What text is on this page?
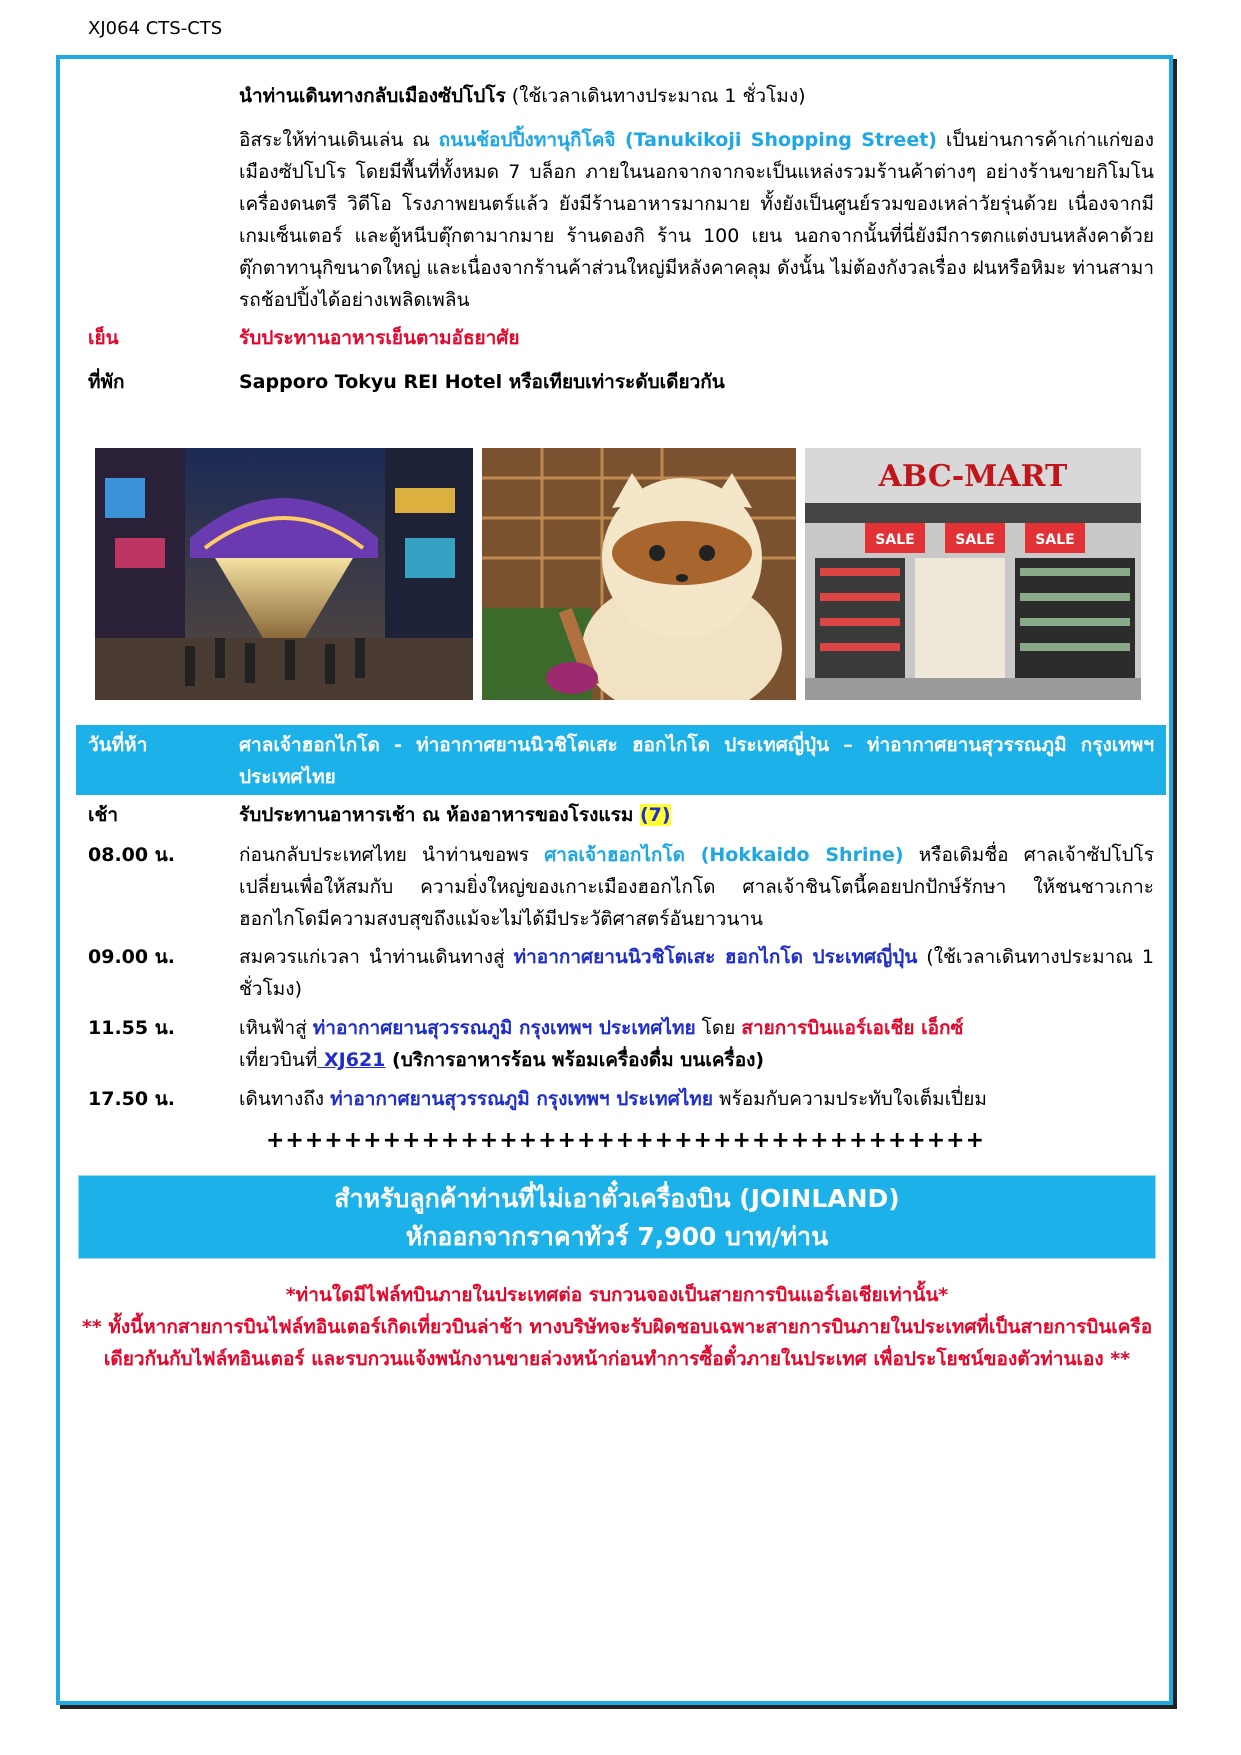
XJ064 CTS-CTS
นำท่านเดินทางกลับเมืองซัปโปโร (ใช้เวลาเดินทางประมาณ 1 ชั่วโมง)
อิสระให้ท่านเดินเล่น ณ ถนนช้อปปิ้งทานุกิโคจิ (Tanukikoji Shopping Street) เป็นย่านการค้าเก่าแก่ของเมืองซัปโปโร โดยมีพื้นที่ทั้งหมด 7 บล็อก ภายในนอกจากจากจะเป็นแหล่งรวมร้านค้าต่างๆ อย่างร้านขายกิโมโน เครื่องดนตรี วิดีโอ โรงภาพยนตร์แล้ว ยังมีร้านอาหารมากมาย ทั้งยังเป็นศูนย์รวมของเหล่าวัยรุ่นด้วย เนื่องจากมีเกมเซ็นเตอร์ และตู้หนีบตุ๊กตามากมาย ร้านดองกิ ร้าน 100 เยน นอกจากนั้นที่นี่ยังมีการตกแต่งบนหลังคาด้วยตุ๊กตาทานุกิขนาดใหญ่ และเนื่องจากร้านค้าส่วนใหญ่มีหลังคาคลุม ดังนั้น ไม่ต้องกังวลเรื่อง ฝนหรือหิมะ ท่านสามารถช้อปปิ้งได้อย่างเพลิดเพลิน
เย็น	รับประทานอาหารเย็นตามอัธยาศัย
ที่พัก	Sapporo Tokyu REI Hotel หรือเทียบเท่าระดับเดียวกัน
ABC-MART
SALE	SALE	SALE
วันที่ห้า	ศาลเจ้าฮอกไกโด - ท่าอากาศยานนิวชิโตเสะ ฮอกไกโด ประเทศญี่ปุ่น – ท่าอากาศยานสุวรรณภูมิ กรุงเทพฯ ประเทศไทย
เช้า	รับประทานอาหารเช้า ณ ห้องอาหารของโรงแรม (7)
08.00 น.	ก่อนกลับประเทศไทย นำท่านขอพร ศาลเจ้าฮอกไกโด (Hokkaido Shrine) หรือเดิมชื่อ ศาลเจ้าซัปโปโร เปลี่ยนเพื่อให้สมกับ ความยิ่งใหญ่ของเกาะเมืองฮอกไกโด ศาลเจ้าชินโตนี้คอยปกปักษ์รักษา ให้ชนชาวเกาะฮอกไกโดมีความสงบสุขถึงแม้จะไม่ได้มีประวัติศาสตร์อันยาวนาน
09.00 น.	สมควรแก่เวลา นำท่านเดินทางสู่ ท่าอากาศยานนิวชิโตเสะ ฮอกไกโด ประเทศญี่ปุ่น (ใช้เวลาเดินทางประมาณ 1 ชั่วโมง)
11.55 น.	เหินฟ้าสู่ ท่าอากาศยานสุวรรณภูมิ กรุงเทพฯ ประเทศไทย โดย สายการบินแอร์เอเชีย เอ็กซ์
เที่ยวบินที่ XJ621 (บริการอาหารร้อน พร้อมเครื่องดื่ม บนเครื่อง)
17.50 น.	เดินทางถึง ท่าอากาศยานสุวรรณภูมิ กรุงเทพฯ ประเทศไทย พร้อมกับความประทับใจเต็มเปี่ยม
+++++++++++++++++++++++++++++++++++++
สำหรับลูกค้าท่านที่ไม่เอาตั๋วเครื่องบิน (JOINLAND)
หักออกจากราคาทัวร์ 7,900 บาท/ท่าน
*ท่านใดมีไฟล์ทบินภายในประเทศต่อ รบกวนจองเป็นสายการบินแอร์เอเชียเท่านั้น*
** ทั้งนี้หากสายการบินไฟล์ทอินเตอร์เกิดเที่ยวบินล่าช้า ทางบริษัทจะรับผิดชอบเฉพาะสายการบินภายในประเทศที่เป็นสายการบินเครือเดียวกันกับไฟล์ทอินเตอร์ และรบกวนแจ้งพนักงานขายล่วงหน้าก่อนทำการซื้อตั๋วภายในประเทศ เพื่อประโยชน์ของตัวท่านเอง **
